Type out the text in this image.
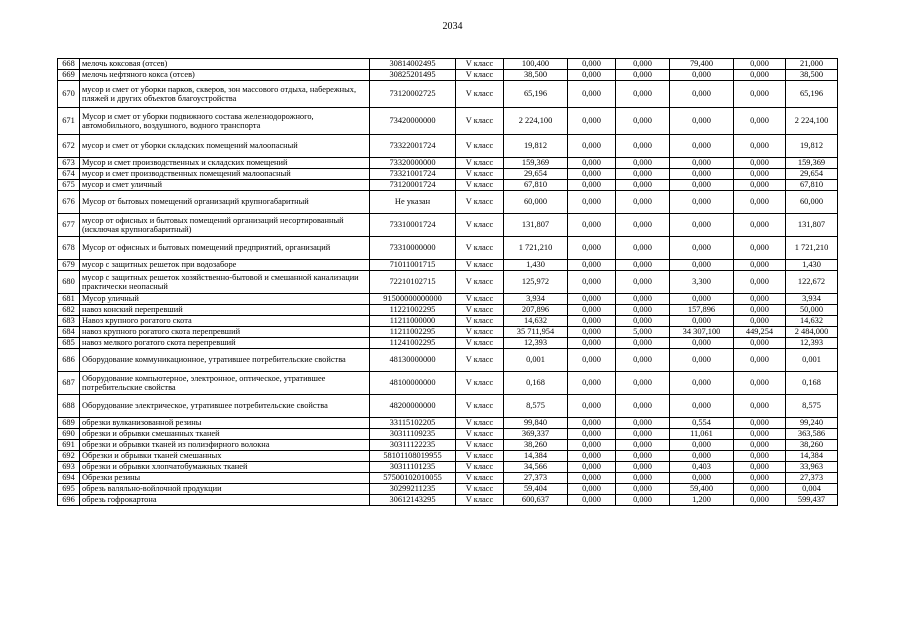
2034
668	мелочь коксовая (отсев)	30814002495	V класс	100,400	0,000	0,000	79,400	0,000	21,000
669	мелочь нефтяного кокса (отсев)	30825201495	V класс	38,500	0,000	0,000	0,000	0,000	38,500
670	мусор и смет от уборки парков, скверов, зон массового отдыха, набережных, пляжей и других объектов благоустройства	73120002725	V класс	65,196	0,000	0,000	0,000	0,000	65,196
671	Мусор и смет от уборки подвижного состава железнодорожного, автомобильного, воздушного, водного транспорта	73420000000	V класс	2 224,100	0,000	0,000	0,000	0,000	2 224,100
672	мусор и смет от уборки складских помещений малоопасный	73322001724	V класс	19,812	0,000	0,000	0,000	0,000	19,812
673	Мусор и смет производственных и складских помещений	73320000000	V класс	159,369	0,000	0,000	0,000	0,000	159,369
674	мусор и смет производственных помещений малоопасный	73321001724	V класс	29,654	0,000	0,000	0,000	0,000	29,654
675	мусор и смет уличный	73120001724	V класс	67,810	0,000	0,000	0,000	0,000	67,810
676	Мусор от бытовых помещений организаций крупногабаритный	Не указан	V класс	60,000	0,000	0,000	0,000	0,000	60,000
677	мусор от офисных и бытовых помещений организаций несортированный (исключая крупногабаритный)	73310001724	V класс	131,807	0,000	0,000	0,000	0,000	131,807
678	Мусор от офисных и бытовых помещений предприятий, организаций	73310000000	V класс	1 721,210	0,000	0,000	0,000	0,000	1 721,210
679	мусор с защитных решеток при водозаборе	71011001715	V класс	1,430	0,000	0,000	0,000	0,000	1,430
680	мусор с защитных решеток хозяйственно-бытовой и смешанной канализации практически неопасный	72210102715	V класс	125,972	0,000	0,000	3,300	0,000	122,672
681	Мусор уличный	91500000000000	V класс	3,934	0,000	0,000	0,000	0,000	3,934
682	навоз конский перепревший	11221002295	V класс	207,896	0,000	0,000	157,896	0,000	50,000
683	Навоз крупного рогатого скота	11211000000	V класс	14,632	0,000	0,000	0,000	0,000	14,632
684	навоз крупного рогатого скота перепревший	11211002295	V класс	35 711,954	0,000	5,000	34 307,100	449,254	2 484,000
685	навоз мелкого рогатого скота перепревший	11241002295	V класс	12,393	0,000	0,000	0,000	0,000	12,393
686	Оборудование коммуникационное, утратившее потребительские свойства	48130000000	V класс	0,001	0,000	0,000	0,000	0,000	0,001
687	Оборудование компьютерное, электронное, оптическое, утратившее потребительские свойства	48100000000	V класс	0,168	0,000	0,000	0,000	0,000	0,168
688	Оборудование электрическое, утратившее потребительские свойства	48200000000	V класс	8,575	0,000	0,000	0,000	0,000	8,575
689	обрезки вулканизованной резины	33115102205	V класс	99,840	0,000	0,000	0,554	0,000	99,240
690	обрезки и обрывки смешанных тканей	30311109235	V класс	369,337	0,000	0,000	11,061	0,000	363,586
691	обрезки и обрывки тканей из полиэфирного волокна	30311122235	V класс	38,260	0,000	0,000	0,000	0,000	38,260
692	Обрезки и обрывки тканей смешанных	58101108019955	V класс	14,384	0,000	0,000	0,000	0,000	14,384
693	обрезки и обрывки хлопчатобумажных тканей	30311101235	V класс	34,566	0,000	0,000	0,403	0,000	33,963
694	Обрезки резины	57500102010055	V класс	27,373	0,000	0,000	0,000	0,000	27,373
695	обрезь валяльно-войлочной продукции	30299211235	V класс	59,404	0,000	0,000	59,400	0,000	0,004
696	обрезь гофрокартона	30612143295	V класс	600,637	0,000	0,000	1,200	0,000	599,437
